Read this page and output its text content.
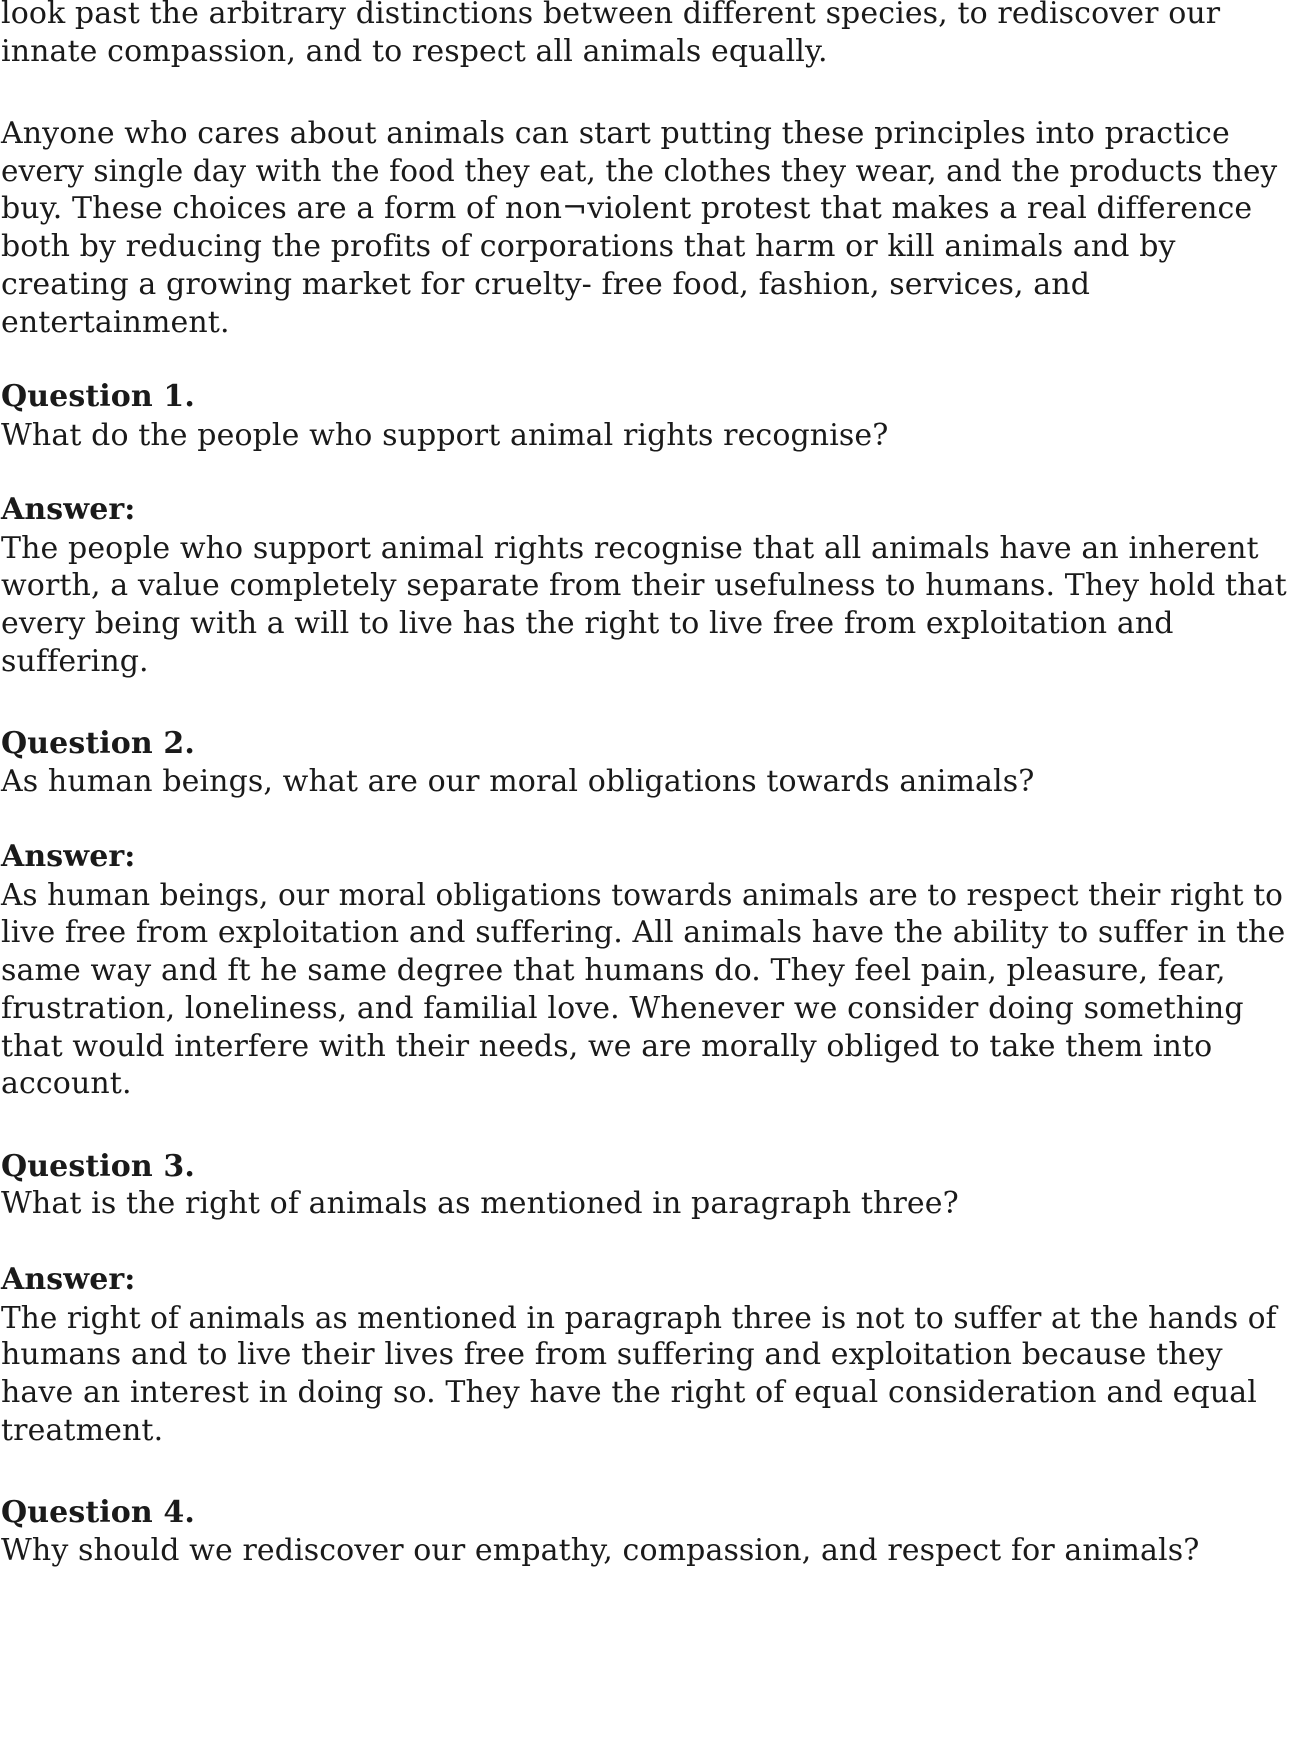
look past the arbitrary distinctions between different species, to rediscover our

innate compassion, and to respect all animals equally.

Anyone who cares about animals can start putting these principles into practice

every single day with the food they eat, the clothes they wear, and the products they

buy. These choices are a form of non¬violent protest that makes a real difference

both by reducing the profits of corporations that harm or kill animals and by

creating a growing market for cruelty- free food, fashion, services, and

entertainment.

Question 1.

What do the people who support animal rights recognise?

Answer:

The people who support animal rights recognise that all animals have an inherent

worth, a value completely separate from their usefulness to humans. They hold that

every being with a will to live has the right to live free from exploitation and

suffering.

Question 2.

As human beings, what are our moral obligations towards animals?

Answer:

As human beings, our moral obligations towards animals are to respect their right to

live free from exploitation and suffering. All animals have the ability to suffer in the

same way and ft he same degree that humans do. They feel pain, pleasure, fear,

frustration, loneliness, and familial love. Whenever we consider doing something

that would interfere with their needs, we are morally obliged to take them into

account.

Question 3.

What is the right of animals as mentioned in paragraph three?

Answer:

The right of animals as mentioned in paragraph three is not to suffer at the hands of

humans and to live their lives free from suffering and exploitation because they

have an interest in doing so. They have the right of equal consideration and equal

treatment.

Question 4.

Why should we rediscover our empathy, compassion, and respect for animals?
